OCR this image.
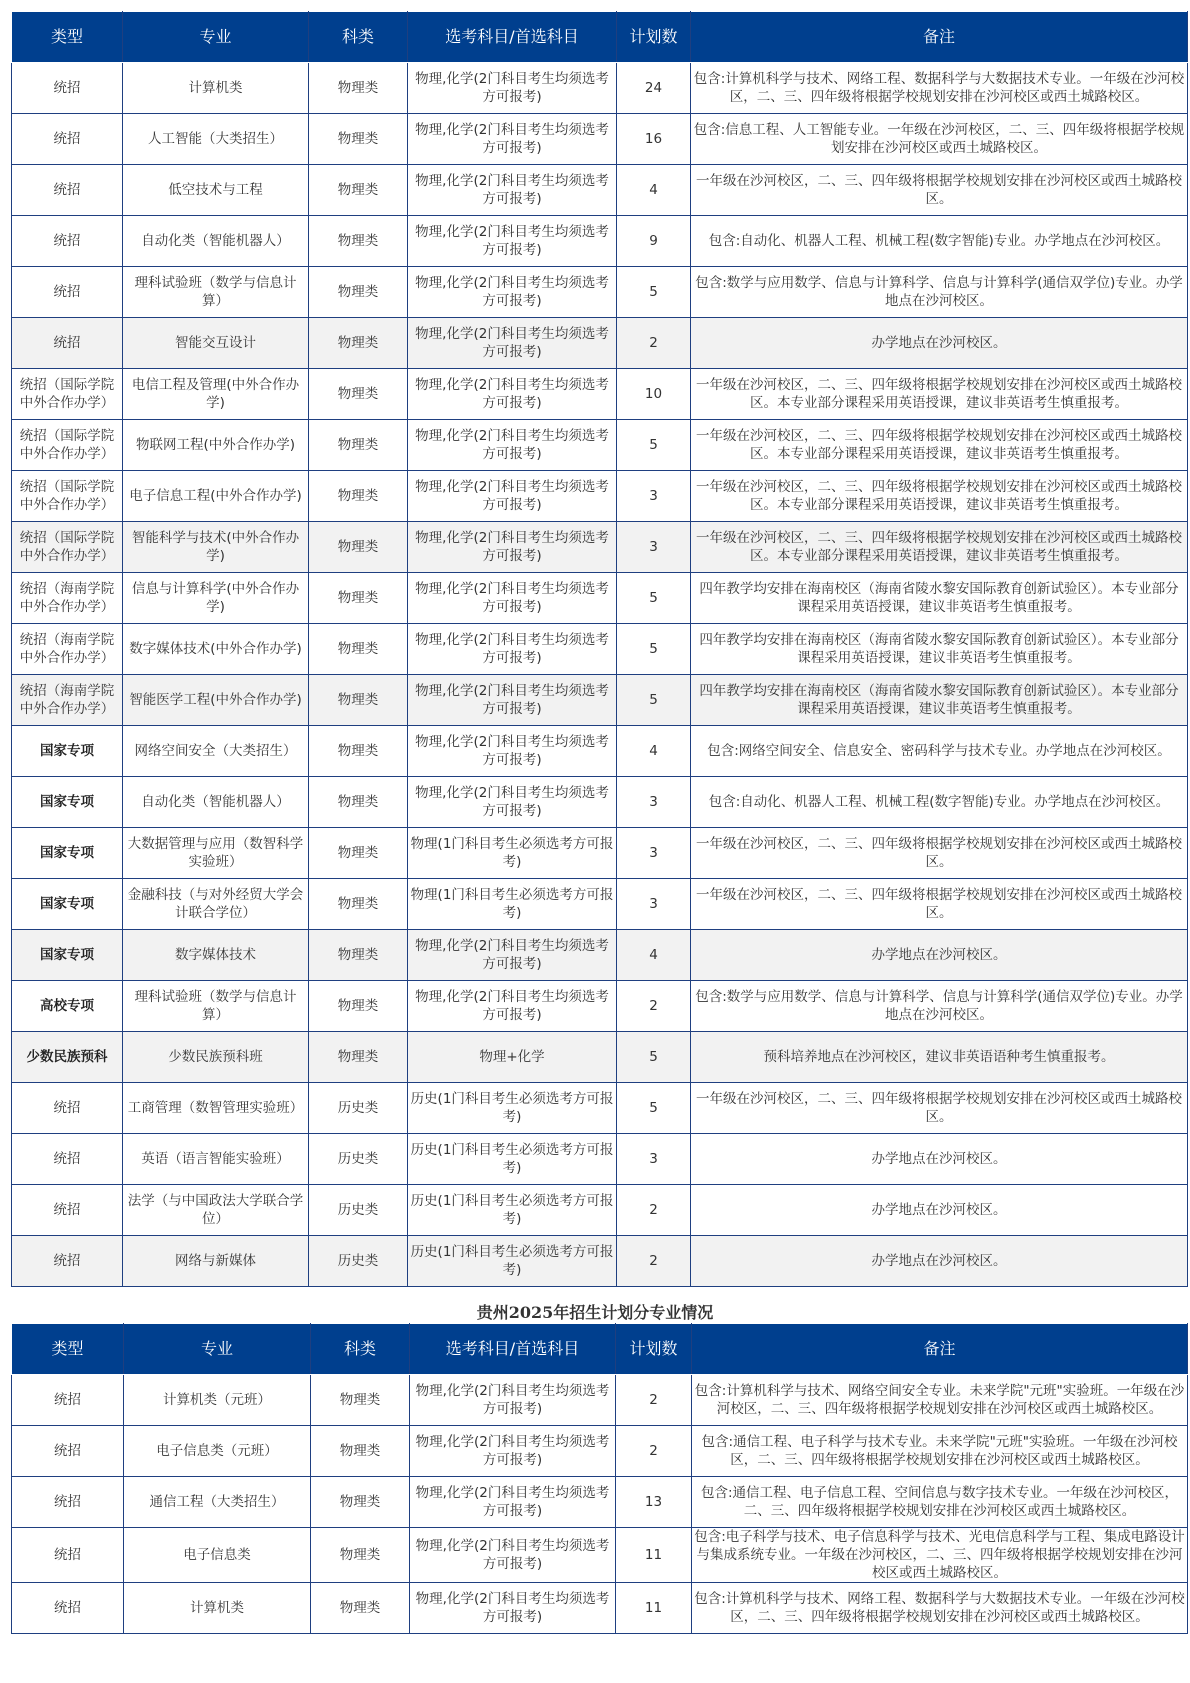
类型	专业	科类	选考科目/首选科目	计划数	备注
统招	计算机类	物理类	物理,化学(2门科目考生均须选考方可报考)	24	包含:计算机科学与技术、网络工程、数据科学与大数据技术专业。一年级在沙河校区，二、三、四年级将根据学校规划安排在沙河校区或西土城路校区。
统招	人工智能（大类招生）	物理类	物理,化学(2门科目考生均须选考方可报考)	16	包含:信息工程、人工智能专业。一年级在沙河校区，二、三、四年级将根据学校规划安排在沙河校区或西土城路校区。
统招	低空技术与工程	物理类	物理,化学(2门科目考生均须选考方可报考)	4	一年级在沙河校区，二、三、四年级将根据学校规划安排在沙河校区或西土城路校区。
统招	自动化类（智能机器人）	物理类	物理,化学(2门科目考生均须选考方可报考)	9	包含:自动化、机器人工程、机械工程(数字智能)专业。办学地点在沙河校区。
统招	理科试验班（数学与信息计算）	物理类	物理,化学(2门科目考生均须选考方可报考)	5	包含:数学与应用数学、信息与计算科学、信息与计算科学(通信双学位)专业。办学地点在沙河校区。
统招	智能交互设计	物理类	物理,化学(2门科目考生均须选考方可报考)	2	办学地点在沙河校区。
统招（国际学院中外合作办学）	电信工程及管理(中外合作办学)	物理类	物理,化学(2门科目考生均须选考方可报考)	10	一年级在沙河校区，二、三、四年级将根据学校规划安排在沙河校区或西土城路校区。本专业部分课程采用英语授课，建议非英语考生慎重报考。
统招（国际学院中外合作办学）	物联网工程(中外合作办学)	物理类	物理,化学(2门科目考生均须选考方可报考)	5	一年级在沙河校区，二、三、四年级将根据学校规划安排在沙河校区或西土城路校区。本专业部分课程采用英语授课，建议非英语考生慎重报考。
统招（国际学院中外合作办学）	电子信息工程(中外合作办学)	物理类	物理,化学(2门科目考生均须选考方可报考)	3	一年级在沙河校区，二、三、四年级将根据学校规划安排在沙河校区或西土城路校区。本专业部分课程采用英语授课，建议非英语考生慎重报考。
统招（国际学院中外合作办学）	智能科学与技术(中外合作办学)	物理类	物理,化学(2门科目考生均须选考方可报考)	3	一年级在沙河校区，二、三、四年级将根据学校规划安排在沙河校区或西土城路校区。本专业部分课程采用英语授课，建议非英语考生慎重报考。
统招（海南学院中外合作办学）	信息与计算科学(中外合作办学)	物理类	物理,化学(2门科目考生均须选考方可报考)	5	四年教学均安排在海南校区（海南省陵水黎安国际教育创新试验区）。本专业部分课程采用英语授课，建议非英语考生慎重报考。
统招（海南学院中外合作办学）	数字媒体技术(中外合作办学)	物理类	物理,化学(2门科目考生均须选考方可报考)	5	四年教学均安排在海南校区（海南省陵水黎安国际教育创新试验区）。本专业部分课程采用英语授课，建议非英语考生慎重报考。
统招（海南学院中外合作办学）	智能医学工程(中外合作办学)	物理类	物理,化学(2门科目考生均须选考方可报考)	5	四年教学均安排在海南校区（海南省陵水黎安国际教育创新试验区）。本专业部分课程采用英语授课，建议非英语考生慎重报考。
国家专项	网络空间安全（大类招生）	物理类	物理,化学(2门科目考生均须选考方可报考)	4	包含:网络空间安全、信息安全、密码科学与技术专业。办学地点在沙河校区。
国家专项	自动化类（智能机器人）	物理类	物理,化学(2门科目考生均须选考方可报考)	3	包含:自动化、机器人工程、机械工程(数字智能)专业。办学地点在沙河校区。
国家专项	大数据管理与应用（数智科学实验班）	物理类	物理(1门科目考生必须选考方可报考)	3	一年级在沙河校区，二、三、四年级将根据学校规划安排在沙河校区或西土城路校区。
国家专项	金融科技（与对外经贸大学会计联合学位）	物理类	物理(1门科目考生必须选考方可报考)	3	一年级在沙河校区，二、三、四年级将根据学校规划安排在沙河校区或西土城路校区。
国家专项	数字媒体技术	物理类	物理,化学(2门科目考生均须选考方可报考)	4	办学地点在沙河校区。
高校专项	理科试验班（数学与信息计算）	物理类	物理,化学(2门科目考生均须选考方可报考)	2	包含:数学与应用数学、信息与计算科学、信息与计算科学(通信双学位)专业。办学地点在沙河校区。
少数民族预科	少数民族预科班	物理类	物理+化学	5	预科培养地点在沙河校区，建议非英语语种考生慎重报考。
统招	工商管理（数智管理实验班）	历史类	历史(1门科目考生必须选考方可报考)	5	一年级在沙河校区，二、三、四年级将根据学校规划安排在沙河校区或西土城路校区。
统招	英语（语言智能实验班）	历史类	历史(1门科目考生必须选考方可报考)	3	办学地点在沙河校区。
统招	法学（与中国政法大学联合学位）	历史类	历史(1门科目考生必须选考方可报考)	2	办学地点在沙河校区。
统招	网络与新媒体	历史类	历史(1门科目考生必须选考方可报考)	2	办学地点在沙河校区。
贵州2025年招生计划分专业情况
类型	专业	科类	选考科目/首选科目	计划数	备注
统招	计算机类（元班）	物理类	物理,化学(2门科目考生均须选考方可报考)	2	包含:计算机科学与技术、网络空间安全专业。未来学院"元班"实验班。一年级在沙河校区，二、三、四年级将根据学校规划安排在沙河校区或西土城路校区。
统招	电子信息类（元班）	物理类	物理,化学(2门科目考生均须选考方可报考)	2	包含:通信工程、电子科学与技术专业。未来学院"元班"实验班。一年级在沙河校区，二、三、四年级将根据学校规划安排在沙河校区或西土城路校区。
统招	通信工程（大类招生）	物理类	物理,化学(2门科目考生均须选考方可报考)	13	包含:通信工程、电子信息工程、空间信息与数字技术专业。一年级在沙河校区，二、三、四年级将根据学校规划安排在沙河校区或西土城路校区。
统招	电子信息类	物理类	物理,化学(2门科目考生均须选考方可报考)	11	包含:电子科学与技术、电子信息科学与技术、光电信息科学与工程、集成电路设计与集成系统专业。一年级在沙河校区，二、三、四年级将根据学校规划安排在沙河校区或西土城路校区。
统招	计算机类	物理类	物理,化学(2门科目考生均须选考方可报考)	11	包含:计算机科学与技术、网络工程、数据科学与大数据技术专业。一年级在沙河校区，二、三、四年级将根据学校规划安排在沙河校区或西土城路校区。
